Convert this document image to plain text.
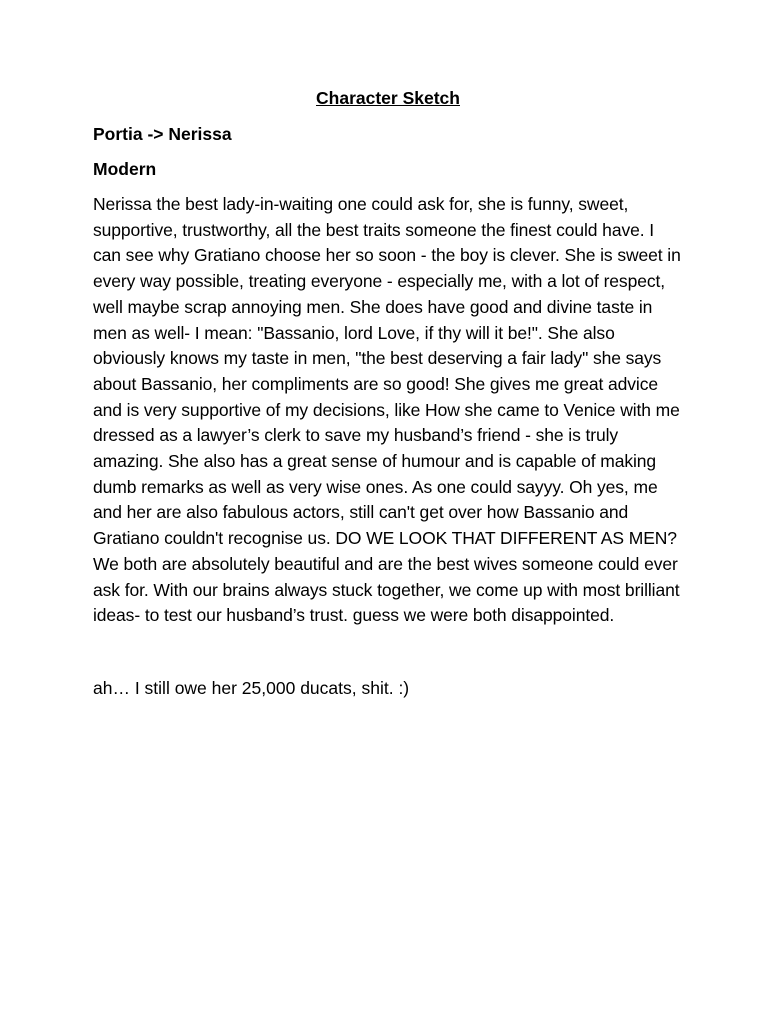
Character Sketch
Portia -> Nerissa
Modern

Nerissa the best lady-in-waiting one could ask for, she is funny, sweet, supportive, trustworthy, all the best traits someone the finest could have. I can see why Gratiano choose her so soon - the boy is clever. She is sweet in every way possible, treating everyone - especially me, with a lot of respect, well maybe scrap annoying men. She does have good and divine taste in men as well- I mean: "Bassanio, lord Love, if thy will it be!". She also obviously knows my taste in men, "the best deserving a fair lady" she says about Bassanio, her compliments are so good! She gives me great advice and is very supportive of my decisions, like How she came to Venice with me dressed as a lawyer’s clerk to save my husband’s friend - she is truly amazing. She also has a great sense of humour and is capable of making dumb remarks as well as very wise ones. As one could sayyy. Oh yes, me and her are also fabulous actors, still can't get over how Bassanio and Gratiano couldn't recognise us. DO WE LOOK THAT DIFFERENT AS MEN? We both are absolutely beautiful and are the best wives someone could ever ask for. With our brains always stuck together, we come up with most brilliant ideas- to test our husband’s trust. guess we were both disappointed.

ah… I still owe her 25,000 ducats, shit. :)
